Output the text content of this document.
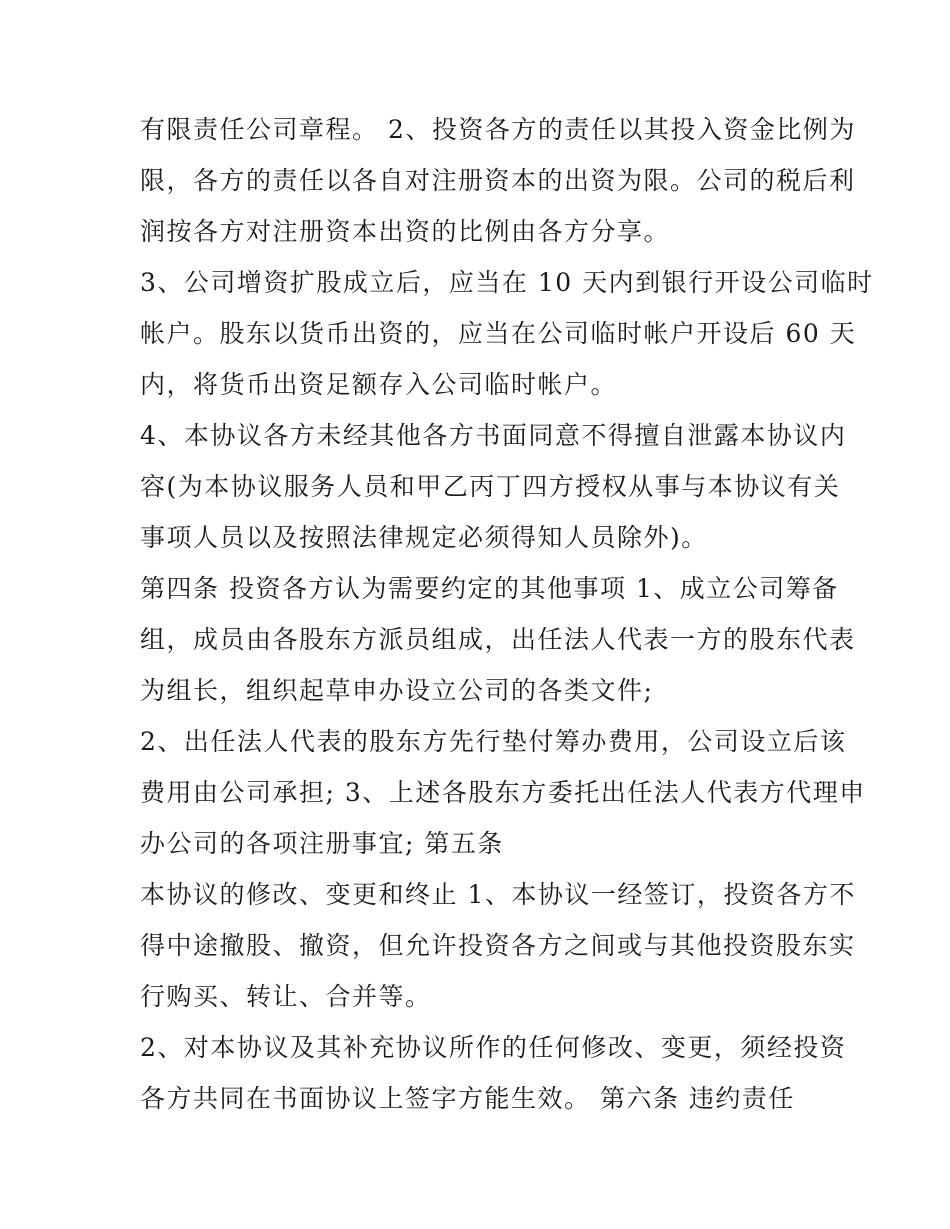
有限责任公司章程。 2、投资各方的责任以其投入资金比例为
限，各方的责任以各自对注册资本的出资为限。公司的税后利
润按各方对注册资本出资的比例由各方分享。
3、公司增资扩股成立后，应当在 10 天内到银行开设公司临时
帐户。股东以货币出资的，应当在公司临时帐户开设后 60 天
内，将货币出资足额存入公司临时帐户。
4、本协议各方未经其他各方书面同意不得擅自泄露本协议内
容(为本协议服务人员和甲乙丙丁四方授权从事与本协议有关
事项人员以及按照法律规定必须得知人员除外)。
第四条 投资各方认为需要约定的其他事项 1、成立公司筹备
组，成员由各股东方派员组成，出任法人代表一方的股东代表
为组长，组织起草申办设立公司的各类文件;
2、出任法人代表的股东方先行垫付筹办费用，公司设立后该
费用由公司承担; 3、上述各股东方委托出任法人代表方代理申
办公司的各项注册事宜; 第五条
本协议的修改、变更和终止 1、本协议一经签订，投资各方不
得中途撤股、撤资，但允许投资各方之间或与其他投资股东实
行购买、转让、合并等。
2、对本协议及其补充协议所作的任何修改、变更，须经投资
各方共同在书面协议上签字方能生效。 第六条 违约责任
